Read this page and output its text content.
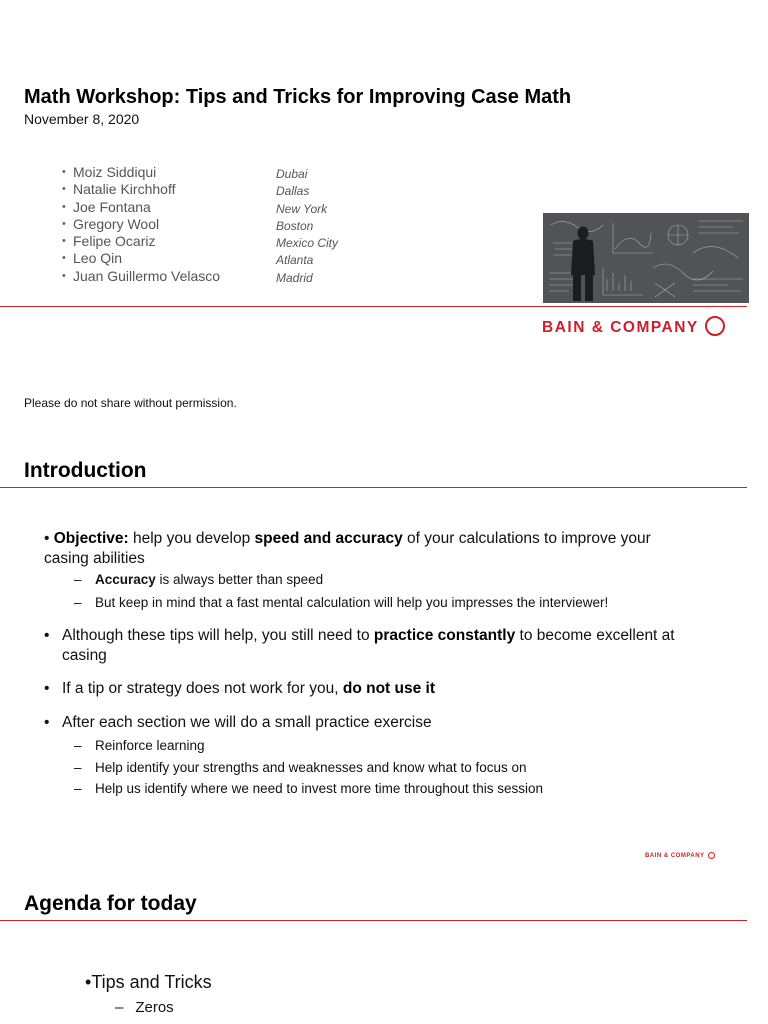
Math Workshop: Tips and Tricks for Improving Case Math
November 8, 2020
• Moiz Siddiqui	Dubai
• Natalie Kirchhoff	Dallas
• Joe Fontana	New York
• Gregory Wool	Boston
• Felipe Ocariz	Mexico City
• Leo Qin	Atlanta
• Juan Guillermo Velasco	Madrid
BAIN & COMPANY
Please do not share without permission.
Introduction
• Objective: help you develop speed and accuracy of your calculations to improve your casing abilities
– Accuracy is always better than speed
– But keep in mind that a fast mental calculation will help you impresses the interviewer!
• Although these tips will help, you still need to practice constantly to become excellent at casing
• If a tip or strategy does not work for you, do not use it
• After each section we will do a small practice exercise
– Reinforce learning
– Help identify your strengths and weaknesses and know what to focus on
– Help us identify where we need to invest more time throughout this session
BAIN & COMPANY
Agenda for today
•Tips and Tricks
– Zeros
